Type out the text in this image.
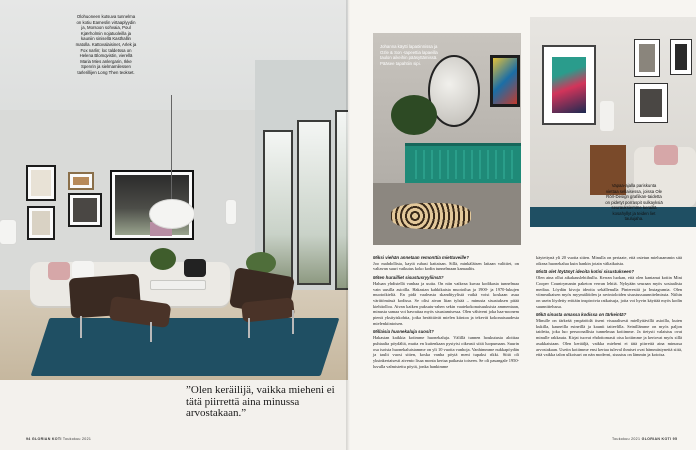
Olohuoneen kutsuva tunnelma on kotiu Eameslin virtaaplyydin ja, Morsoon sohvaia, Poul Kjærholmin nojatuoleilla ja kauniin sinisellä Kasthallin matolla. Kattovalaisinet, Arlek ja Fox narlin; loc taldetssa on Helena Blomqvistin, vierellä Maria Mies anlergarin, Ikke Spenrin ja sielmamilessen tarlerillijen Long Then teokset.
”Olen keräilijä, vaikka mieheni ei tätä piirrettä aina minussa arvostakaan.”
94 GLORIAN KOTI Toukokuu 2021
Johanna käytti lapaöinnissa ja Ozle & Son -tapeettia lapaeilla taulon aikeihin pääsyttämissä. Pääsee tapahtiin sipi.
Vapaa-ajalla pariskunta viettaa sellaisessa, joissa Ole Rörl-Design grafiikan-taidetta on pidetyt porraspit sulkayksiä seurauksiemme keraillä kosahyllyt ja teiden liet taulujaha.
Miksi viehän annetaan remonttia miettuveille?
Joo mahdollista, kaytä ruhasi kattaisan. Sillä, minkäläisen laitaan valittiet, on valtavan suuri vaikutus koko kodin tunnelmaan kamaaltis.
Miten hurailliet sisustusryyliinsä?
Haluan yhdistellä vanhaa ja uutta. On niin vaikeaa kuvaa kodikasta tunnelmaa vain uusilla asioilla. Hakastan kahkikaista muotoilua ja 1900- ja 1970-lukujen muotoikieliä. En pidä vaaleasta skandityylistä vaikä voisi koskaan asua väriitömässä kodissa. Se olisi aivan liian tylsää – minusta sisustuksen pitää kiehitolloa. Aivan kaiken puksuiu-rahen sekin vaatekokonaisuuksista ammentaan, minusta samaa voi havraitaa myös sisustamisessa. Olen vähiveni joka haa-noonem pienit yksityiskohtia, jotka heräittävät mielen kiintoa ja tekevät kokonaisuudesta mielenkiintoisen.
Millaisia huonekaluja suosit?
Hakastan kaikkia kotimme huonekaluja. Välillä tunnen houkutusta aloittaa puhtaalta pöydältä, mutta en kuitenkaan pystyisi oikeasti siitä luopumaan. Suurin osa isoista huonekaluistamme on yli 10 vuotta vanhoja. Vanhimmme nukkapöydän ja taulit vuosi sitten, koska vanha pöytä meni tupaksi rikki. Siitä oli yksinkertaisesti aivento lisaa monta kertaa paikasta toiseen. Se oli pasangale 1950-luvulla valmistettu pöytä, jonka hankimme
käytettynä yli 20 vuotta sitten. Minulla on periaate, että ostetun mielusammin sitä oikeaa huonekalua kuin hankin jotain väliaikaista.
Mistä olet löytänyt ideoita kotisi sisustukseen?
Olen aina ollut aikakauslehtihullu. Kerran luokan, että olen kantanut kotiin Mini Cooper Countrymanin paketon verran lehtiä. Nykyään seuraan myös sosiaalista mediaa. Löydän kivoja ideoita sekällenulla Pinterestiä ja Instagramia. Olen viimeaikaisen myös myymälöiden ja ravintoloiden sisustussuunnitelmissta. Niihin on usein löydetty erittäin inspiroivia ratkaisuja, joita voi hyvin käyttää myös kodin suunnittelussa.
Mikä sinusta omassa kodissa on tärkeintä?
Minulle on tärkeää ympäröidä itseni visuaalisesti miellyttävillä asioilla, kuten kukilla, kauneilla esineillä ja kaunii taiteelilla. Seinillämme on myös paljon taidetta, joka luo persoonallisia tunnelmaa kotiimme. Ja tietysti valaistus ovat minulle rakkauta. Kirjat tuovat ehdottomasti oisa kotiimme ja kertovat myös sillä asukkaistaan. Olen kerääljä, vaikka mieheni ei tätä piirrettä aina minussa arvostakaan. Useiin kotiimme ensi kertaa tuleval ihmiset ovat hämmästyneitä siitä, että vaikka talon ulkoisurt on nän moderni, sisustus on lämmin ja kotoisa.
Toukokuu 2021 GLORIAN KOTI 95
